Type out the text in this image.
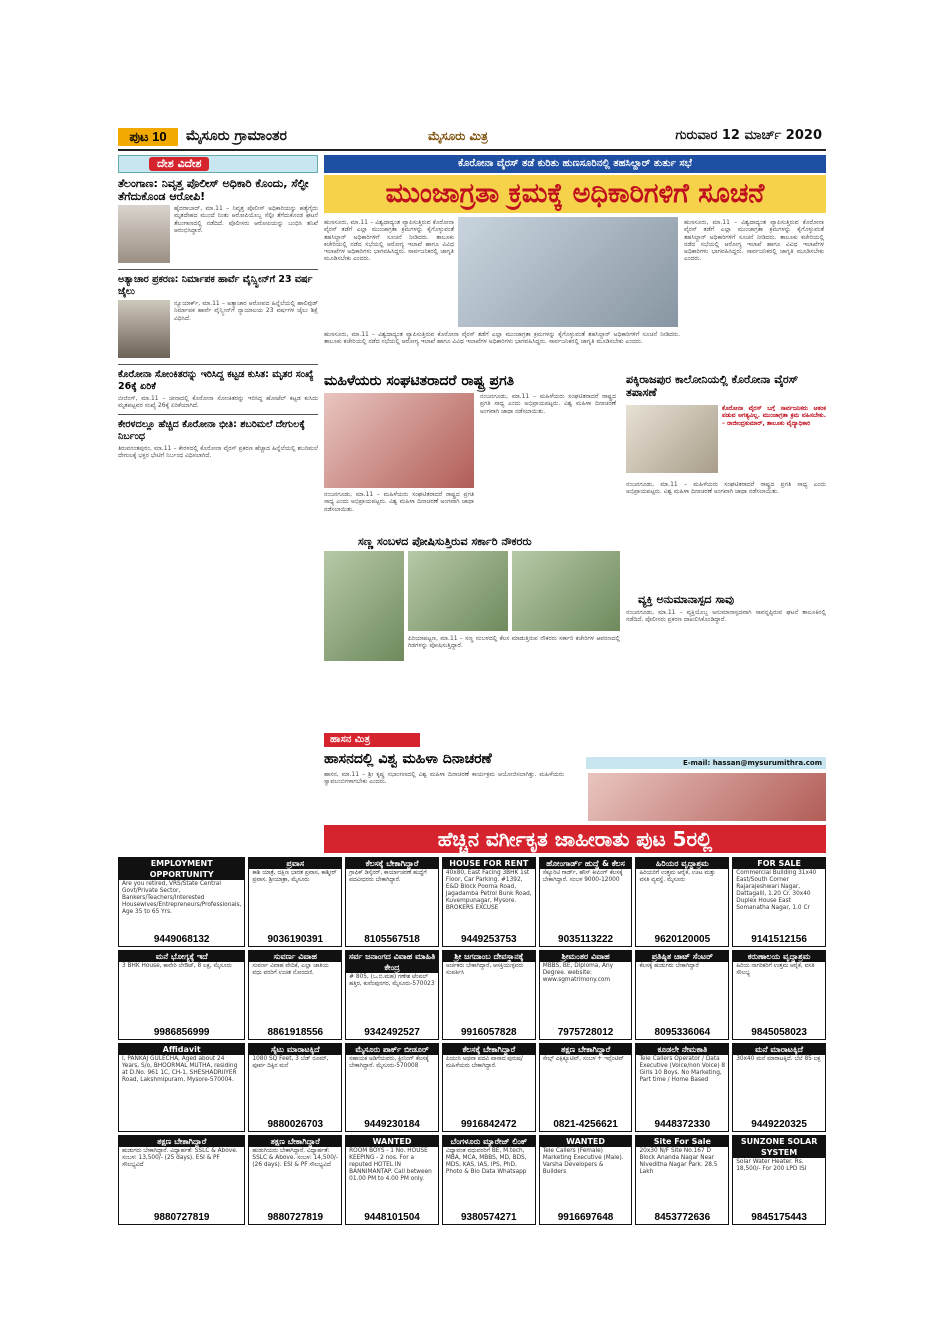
ಪುಟ 10	ಮೈಸೂರು ಗ್ರಾಮಾಂತರ	ಮೈಸೂರು ಮಿತ್ರ	ಗುರುವಾರ 12 ಮಾರ್ಚ್ 2020
ದೇಶ ವಿದೇಶ
ತೆಲಂಗಾಣ: ನಿವೃತ್ತ ಪೊಲೀಸ್ ಅಧಿಕಾರಿ ಕೊಂದು, ಸೆಲ್ಫೀ ತೆಗೆದುಕೊಂಡ ಆರೋಪಿ!
ಹೈದರಾಬಾದ್, ಮಾ.11 – ನಿವೃತ್ತ ಪೊಲೀಸ್ ಅಧಿಕಾರಿಯನ್ನು ಹತ್ಯೆಗೈದು ಮೃತದೇಹದ ಮುಂದೆ ನಿಂತು ಆರೋಪಿಯೊಬ್ಬ ಸೆಲ್ಫೀ ತೆಗೆದುಕೊಂಡ ಘಟನೆ ತೆಲಂಗಾಣದಲ್ಲಿ ನಡೆದಿದೆ. ಪೊಲೀಸರು ಆರೋಪಿಯನ್ನು ಬಂಧಿಸಿ ತನಿಖೆ ಆರಂಭಿಸಿದ್ದಾರೆ.
ಅತ್ಯಾಚಾರ ಪ್ರಕರಣ: ನಿರ್ಮಾಪಕ ಹಾರ್ವೆ ವೈನ್ಸ್ಟೀನ್‌ಗೆ 23 ವರ್ಷ ಜೈಲು
ನ್ಯೂಯಾರ್ಕ್, ಮಾ.11 – ಅತ್ಯಾಚಾರ ಆರೋಪದ ಹಿನ್ನೆಲೆಯಲ್ಲಿ ಹಾಲಿವುಡ್ ನಿರ್ಮಾಪಕ ಹಾರ್ವೆ ವೈನ್ಸ್ಟೀನ್‌ಗೆ ನ್ಯಾಯಾಲಯ 23 ವರ್ಷಗಳ ಜೈಲು ಶಿಕ್ಷೆ ವಿಧಿಸಿದೆ.
ಕೊರೋನಾ ಸೋಂಕಿತರನ್ನು ಇರಿಸಿದ್ದ ಕಟ್ಟಡ ಕುಸಿತ: ಮೃತರ ಸಂಖ್ಯೆ 26ಕ್ಕೆ ಏರಿಕೆ
ಬೀಜಿಂಗ್, ಮಾ.11 – ಚೀನಾದಲ್ಲಿ ಕೊರೋನಾ ಸೋಂಕಿತರನ್ನು ಇರಿಸಿದ್ದ ಹೋಟೆಲ್ ಕಟ್ಟಡ ಕುಸಿದು ಮೃತಪಟ್ಟವರ ಸಂಖ್ಯೆ 26ಕ್ಕೆ ಏರಿಕೆಯಾಗಿದೆ.
ಕೇರಳದಲ್ಲೂ ಹೆಚ್ಚಿದ ಕೊರೋನಾ ಭೀತಿ: ಶಬರಿಮಲೆ ದೇಗುಲಕ್ಕೆ ನಿರ್ಬಂಧ
ತಿರುವನಂತಪುರಂ, ಮಾ.11 – ಕೇರಳದಲ್ಲಿ ಕೊರೋನಾ ವೈರಸ್ ಪ್ರಕರಣ ಹೆಚ್ಚಾದ ಹಿನ್ನೆಲೆಯಲ್ಲಿ ಶಬರಿಮಲೆ ದೇಗುಲಕ್ಕೆ ಭಕ್ತರ ಭೇಟಿಗೆ ನಿರ್ಬಂಧ ವಿಧಿಸಲಾಗಿದೆ.
ಕೊರೋನಾ ವೈರಸ್ ತಡೆ ಕುರಿತು ಹುಣಸೂರಿನಲ್ಲಿ ತಹಸಿಲ್ದಾರ್ ತುರ್ತು ಸಭೆ
ಮುಂಜಾಗ್ರತಾ ಕ್ರಮಕ್ಕೆ ಅಧಿಕಾರಿಗಳಿಗೆ ಸೂಚನೆ
ಹುಣಸೂರು, ಮಾ.11 – ವಿಶ್ವದಾದ್ಯಂತ ವ್ಯಾಪಿಸುತ್ತಿರುವ ಕೊರೋನಾ ವೈರಸ್ ತಡೆಗೆ ಎಲ್ಲಾ ಮುಂಜಾಗ್ರತಾ ಕ್ರಮಗಳನ್ನು ಕೈಗೊಳ್ಳುವಂತೆ ತಹಸಿಲ್ದಾರ್ ಅಧಿಕಾರಿಗಳಿಗೆ ಸೂಚನೆ ನೀಡಿದರು. ತಾಲೂಕು ಕಚೇರಿಯಲ್ಲಿ ನಡೆದ ಸಭೆಯಲ್ಲಿ ಆರೋಗ್ಯ ಇಲಾಖೆ ಹಾಗೂ ವಿವಿಧ ಇಲಾಖೆಗಳ ಅಧಿಕಾರಿಗಳು ಭಾಗವಹಿಸಿದ್ದರು. ಸಾರ್ವಜನಿಕರಲ್ಲಿ ಜಾಗೃತಿ ಮೂಡಿಸಬೇಕು ಎಂದರು.
ಹುಣಸೂರು, ಮಾ.11 – ವಿಶ್ವದಾದ್ಯಂತ ವ್ಯಾಪಿಸುತ್ತಿರುವ ಕೊರೋನಾ ವೈರಸ್ ತಡೆಗೆ ಎಲ್ಲಾ ಮುಂಜಾಗ್ರತಾ ಕ್ರಮಗಳನ್ನು ಕೈಗೊಳ್ಳುವಂತೆ ತಹಸಿಲ್ದಾರ್ ಅಧಿಕಾರಿಗಳಿಗೆ ಸೂಚನೆ ನೀಡಿದರು. ತಾಲೂಕು ಕಚೇರಿಯಲ್ಲಿ ನಡೆದ ಸಭೆಯಲ್ಲಿ ಆರೋಗ್ಯ ಇಲಾಖೆ ಹಾಗೂ ವಿವಿಧ ಇಲಾಖೆಗಳ ಅಧಿಕಾರಿಗಳು ಭಾಗವಹಿಸಿದ್ದರು. ಸಾರ್ವಜನಿಕರಲ್ಲಿ ಜಾಗೃತಿ ಮೂಡಿಸಬೇಕು ಎಂದರು.
ಹುಣಸೂರು, ಮಾ.11 – ವಿಶ್ವದಾದ್ಯಂತ ವ್ಯಾಪಿಸುತ್ತಿರುವ ಕೊರೋನಾ ವೈರಸ್ ತಡೆಗೆ ಎಲ್ಲಾ ಮುಂಜಾಗ್ರತಾ ಕ್ರಮಗಳನ್ನು ಕೈಗೊಳ್ಳುವಂತೆ ತಹಸಿಲ್ದಾರ್ ಅಧಿಕಾರಿಗಳಿಗೆ ಸೂಚನೆ ನೀಡಿದರು. ತಾಲೂಕು ಕಚೇರಿಯಲ್ಲಿ ನಡೆದ ಸಭೆಯಲ್ಲಿ ಆರೋಗ್ಯ ಇಲಾಖೆ ಹಾಗೂ ವಿವಿಧ ಇಲಾಖೆಗಳ ಅಧಿಕಾರಿಗಳು ಭಾಗವಹಿಸಿದ್ದರು. ಸಾರ್ವಜನಿಕರಲ್ಲಿ ಜಾಗೃತಿ ಮೂಡಿಸಬೇಕು ಎಂದರು.
ಮಹಿಳೆಯರು ಸಂಘಟಿತರಾದರೆ ರಾಷ್ಟ್ರ ಪ್ರಗತಿ
ನಂಜನಗೂಡು, ಮಾ.11 – ಮಹಿಳೆಯರು ಸಂಘಟಿತರಾದರೆ ರಾಷ್ಟ್ರದ ಪ್ರಗತಿ ಸಾಧ್ಯ ಎಂದು ಅಭಿಪ್ರಾಯಪಟ್ಟರು. ವಿಶ್ವ ಮಹಿಳಾ ದಿನಾಚರಣೆ ಅಂಗವಾಗಿ ಜಾಥಾ ನಡೆಸಲಾಯಿತು.
ನಂಜನಗೂಡು, ಮಾ.11 – ಮಹಿಳೆಯರು ಸಂಘಟಿತರಾದರೆ ರಾಷ್ಟ್ರದ ಪ್ರಗತಿ ಸಾಧ್ಯ ಎಂದು ಅಭಿಪ್ರಾಯಪಟ್ಟರು. ವಿಶ್ವ ಮಹಿಳಾ ದಿನಾಚರಣೆ ಅಂಗವಾಗಿ ಜಾಥಾ ನಡೆಸಲಾಯಿತು.
ಪಕ್ಕಿರಾಜಪುರ ಕಾಲೋನಿಯಲ್ಲಿ ಕೊರೋನಾ ವೈರಸ್ ತಪಾಸಣೆ
ಕೊರೋನಾ ವೈರಸ್ ಬಗ್ಗೆ ಸಾರ್ವಜನಿಕರು ಆತಂಕ ಪಡುವ ಅಗತ್ಯವಿಲ್ಲ. ಮುಂಜಾಗ್ರತಾ ಕ್ರಮ ವಹಿಸಬೇಕು. – ರಾಜೀಂದ್ರಕುಮಾರ್, ತಾಲೂಕು ವೈದ್ಯಾಧಿಕಾರಿ
ನಂಜನಗೂಡು, ಮಾ.11 – ಮಹಿಳೆಯರು ಸಂಘಟಿತರಾದರೆ ರಾಷ್ಟ್ರದ ಪ್ರಗತಿ ಸಾಧ್ಯ ಎಂದು ಅಭಿಪ್ರಾಯಪಟ್ಟರು. ವಿಶ್ವ ಮಹಿಳಾ ದಿನಾಚರಣೆ ಅಂಗವಾಗಿ ಜಾಥಾ ನಡೆಸಲಾಯಿತು.
ಸಣ್ಣ ಸಂಬಳದ ಪೋಷಿಸುತ್ತಿರುವ ಸರ್ಕಾರಿ ನೌಕರರು
ಪಿರಿಯಾಪಟ್ಟಣ, ಮಾ.11 – ಸಣ್ಣ ಸಂಬಳದಲ್ಲಿ ಕೆಲಸ ಮಾಡುತ್ತಿರುವ ನೌಕರರು ಸರ್ಕಾರಿ ಕಚೇರಿಗಳ ಆವರಣದಲ್ಲಿ ಗಿಡಗಳನ್ನು ಪೋಷಿಸುತ್ತಿದ್ದಾರೆ.
ವ್ಯಕ್ತಿ ಅನುಮಾನಾಸ್ಪದ ಸಾವು
ನಂಜನಗೂಡು, ಮಾ.11 – ವ್ಯಕ್ತಿಯೊಬ್ಬ ಅನುಮಾನಾಸ್ಪದವಾಗಿ ಸಾವನ್ನಪ್ಪಿರುವ ಘಟನೆ ತಾಲೂಕಿನಲ್ಲಿ ನಡೆದಿದೆ. ಪೊಲೀಸರು ಪ್ರಕರಣ ದಾಖಲಿಸಿಕೊಂಡಿದ್ದಾರೆ.
E-mail: hassan@mysurumithra.com
ಹಾಸನ ಮಿತ್ರ
ಹಾಸನದಲ್ಲಿ ವಿಶ್ವ ಮಹಿಳಾ ದಿನಾಚರಣೆ
ಹಾಸನ, ಮಾ.11 – ಶ್ರೀ ಕೃಷ್ಣ ಸಭಾಂಗಣದಲ್ಲಿ ವಿಶ್ವ ಮಹಿಳಾ ದಿನಾಚರಣೆ ಕಾರ್ಯಕ್ರಮ ಆಯೋಜಿಸಲಾಗಿತ್ತು. ಮಹಿಳೆಯರು ಸ್ವಾವಲಂಬಿಗಳಾಗಬೇಕು ಎಂದರು.
ಹೆಚ್ಚಿನ ವರ್ಗೀಕೃತ ಜಾಹೀರಾತು ಪುಟ 5ರಲ್ಲಿ
EMPLOYMENT OPPORTUNITY
Are you retired, VRS/State Central Govt/Private Sector, Bankers/Teachers/Interested Housewives/Entrepreneurs/Professionals, Age 35 to 65 Yrs.
9449068132
ಪ್ರವಾಸ
ಕಾಶಿ ಯಾತ್ರೆ, ದಕ್ಷಿಣ ಭಾರತ ಪ್ರವಾಸ, ಕಾಶ್ಮೀರ್ ಪ್ರವಾಸ. ಶ್ರೀಯಾತ್ರಾ, ಮೈಸೂರು
9036190391
ಕೆಲಸಕ್ಕೆ ಬೇಕಾಗಿದ್ದಾರೆ
ಗ್ರಾಫಿಕ್ ಡಿಸೈನರ್, ಕಾರ್ಯಾಚರಣೆ ಹುದ್ದೆಗೆ ಪದವೀಧರರು ಬೇಕಾಗಿದ್ದಾರೆ.
8105567518
HOUSE FOR RENT
40x80, East Facing 3BHK 1st Floor, Car Parking. #1392, E&D Block Poorna Road, Jagadamba Petrol Bunk Road, Kuvempunagar, Mysore. BROKERS EXCUSE
9449253753
ಹೋಂಗಾರ್ಡ್ ಹುದ್ದೆ & ಕೆಲಸ
ಸೆಕ್ಯೂರಿಟಿ ಗಾರ್ಡ್, ಹೌಸ್ ಕೀಪಿಂಗ್ ಕೆಲಸಕ್ಕೆ ಬೇಕಾಗಿದ್ದಾರೆ. ಸಂಬಳ 9000-12000
9035113222
ಹಿರಿಯರ ವೃದ್ಧಾಶ್ರಮ
ಹಿರಿಯರಿಗೆ ಉತ್ತಮ ಆರೈಕೆ, ಊಟ ಮತ್ತು ವಸತಿ ವ್ಯವಸ್ಥೆ. ಮೈಸೂರು
9620120005
FOR SALE
Commercial Building 31x40 East/South Corner Rajarajeshwari Nagar, Dattagalli, 1.20 Cr. 30x40 Duplex House East Somanatha Nagar, 1.0 Cr
9141512156
ಮನೆ ಭೋಗ್ಯಕ್ಕೆ ಇದೆ
3 BHK House, ಕಾವೇರಿ ಲೇಔಟ್, 8 ಲಕ್ಷ, ಮೈಸೂರು
9986856999
ಸುವರ್ಣ ವಿವಾಹ
ಸುವರ್ಣ ವಿವಾಹ ವೇದಿಕೆ, ಎಲ್ಲಾ ಜಾತಿಯ ವಧು ವರರಿಗೆ ಉಚಿತ ನೋಂದಣಿ.
8861918556
ಸರ್ವ ಜನಾಂಗದ ವಿವಾಹ ಮಾಹಿತಿ ಕೇಂದ್ರ
# 805, (ಒ.ಬಿ.ಮಹ) ಗಣೇಶ ಟೆಂಪಲ್ ಹತ್ತಿರ, ಕುವೆಂಪುನಗರ, ಮೈಸೂರು-570023
9342492527
ಶ್ರೀ ಜಗದಾಂಬ ದೇವಸ್ಥಾನಕ್ಕೆ
ಅರ್ಚಕರು ಬೇಕಾಗಿದ್ದಾರೆ, ಆಸಕ್ತಿಯುಳ್ಳವರು ಸಂಪರ್ಕಿಸಿ
9916057828
ಶ್ರೀಮಂತರ ವಿವಾಹ
MBBS, BE, Diploma, Any Degree. website: www.sgmatrimony.com
7975728012
ಪ್ರತಿಷ್ಠಿತ ಚಾಟ್ ಸೆಂಟರ್
ಕೆಲಸಕ್ಕೆ ಹುಡುಗರು ಬೇಕಾಗಿದ್ದಾರೆ
8095336064
ಕರುಣಾಲಯ ವೃದ್ಧಾಶ್ರಮ
ಹಿರಿಯ ನಾಗರಿಕರಿಗೆ ಉತ್ತಮ ಆರೈಕೆ, ವಸತಿ ಸೌಲಭ್ಯ
9845058023
Affidavit
I, PANKAJ GULECHA, Aged about 24 Years, S/o, BHOORMAL MUTHA, residing at D.No. 961 1C, CH-1, SHESHADRIIYER Road, Lakshmipuram, Mysore-570004.
ಸೈಟು ಮಾರಾಟಕ್ಕಿದೆ
1080 SQ Feet, 3 ಬೆಡ್ ರೂಮ್, ಪೂರ್ವ ದಿಕ್ಕಿನ ಮನೆ
9880026703
ಮೈಸೂರು ಪಾರ್ಕ್ ಬೀಡೂರ್
ಸಹಾಯಕ ಅಡಿಗೆಯವರು, ಕ್ಲೀನಿಂಗ್ ಕೆಲಸಕ್ಕೆ ಬೇಕಾಗಿದ್ದಾರೆ. ಮೈಸೂರು-570008
9449230184
ಕೆಲಸಕ್ಕೆ ಬೇಕಾಗಿದ್ದಾರೆ
ಪಿಯುಸಿ ಅಥವಾ ಪದವಿ ಪಾಸಾದ ಪುರುಷ/ಮಹಿಳೆಯರು ಬೇಕಾಗಿದ್ದಾರೆ.
9916842472
ತಕ್ಷಣ ಬೇಕಾಗಿದ್ದಾರೆ
ಸೇಲ್ಸ್ ಎಕ್ಸಿಕ್ಯೂಟಿವ್, ಸಂಬಳ + ಇನ್ಸೆಂಟಿವ್
0821-4256621
ಕೂಡಲೇ ನೇಮಕಾತಿ
Tele Callers Operator / Data Executive (Voice/non Voice) 8 Girls 10 Boys. No Marketing, Part time / Home Based
9448372330
ಮನೆ ಮಾರಾಟಕ್ಕಿದೆ
30x40 ಮನೆ ಮಾರಾಟಕ್ಕಿದೆ. ಬೆಲೆ 85 ಲಕ್ಷ
9449220325
ತಕ್ಷಣ ಬೇಕಾಗಿದ್ದಾರೆ
ಹುಡುಗರು ಬೇಕಾಗಿದ್ದಾರೆ. ವಿದ್ಯಾರ್ಹತೆ: SSLC & Above. ಸಂಬಳ: 13,500/- (25 days). ESI & PF ಸೌಲಭ್ಯವಿದೆ
9880727819
ತಕ್ಷಣ ಬೇಕಾಗಿದ್ದಾರೆ
ಹುಡುಗಿಯರು ಬೇಕಾಗಿದ್ದಾರೆ. ವಿದ್ಯಾರ್ಹತೆ: SSLC & Above. ಸಂಬಳ: 14,500/- (26 days). ESI & PF ಸೌಲಭ್ಯವಿದೆ
9880727819
WANTED
ROOM BOYS - 1 No. HOUSE KEEPING - 2 nos. For a reputed HOTEL IN BANNIMANTAP. Call between 01.00 PM to 4.00 PM only.
9448101504
ಬೆಂಗಳೂರು ಮ್ಯಾರೇಜ್ ಲಿಂಕ್
ವಿದ್ಯಾವಂತ ವಧುವರರಿಗೆ BE, M.tech, MBA, MCA, MBBS, MD, BDS, MDS, KAS, IAS, IPS, PhD. Photo & Bio Data Whatsapp
9380574271
WANTED
Tele Callers (Female) Marketing Executive (Male). Varsha Developers & Builders
9916697648
Site For Sale
20x30 N/F Site No.167 D Block Ananda Nagar Near Niveditha Nagar Park. 28.5 Lakh
8453772636
SUNZONE SOLAR SYSTEM
Solar Water Heater. Rs. 18,500/- For 200 LPD ISI
9845175443
